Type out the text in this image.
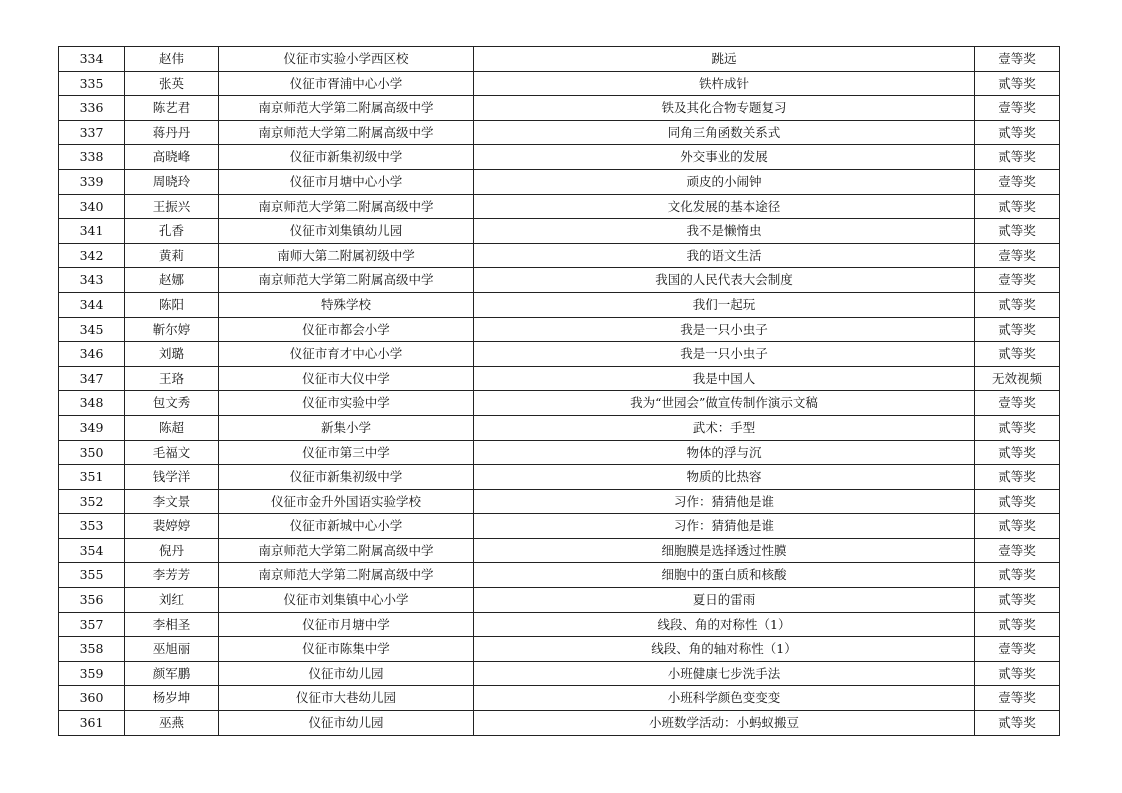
334	赵伟	仪征市实验小学西区校	跳远	壹等奖
335	张英	仪征市胥浦中心小学	铁杵成针	贰等奖
336	陈艺君	南京师范大学第二附属高级中学	铁及其化合物专题复习	壹等奖
337	蒋丹丹	南京师范大学第二附属高级中学	同角三角函数关系式	贰等奖
338	高晓峰	仪征市新集初级中学	外交事业的发展	贰等奖
339	周晓玲	仪征市月塘中心小学	顽皮的小闹钟	壹等奖
340	王振兴	南京师范大学第二附属高级中学	文化发展的基本途径	贰等奖
341	孔香	仪征市刘集镇幼儿园	我不是懒惰虫	贰等奖
342	黄莉	南师大第二附属初级中学	我的语文生活	壹等奖
343	赵娜	南京师范大学第二附属高级中学	我国的人民代表大会制度	壹等奖
344	陈阳	特殊学校	我们一起玩	贰等奖
345	靳尔婷	仪征市都会小学	我是一只小虫子	贰等奖
346	刘璐	仪征市育才中心小学	我是一只小虫子	贰等奖
347	王珞	仪征市大仪中学	我是中国人	无效视频
348	包文秀	仪征市实验中学	我为“世园会”做宣传制作演示文稿	壹等奖
349	陈超	新集小学	武术：手型	贰等奖
350	毛福文	仪征市第三中学	物体的浮与沉	贰等奖
351	钱学洋	仪征市新集初级中学	物质的比热容	贰等奖
352	李文景	仪征市金升外国语实验学校	习作：猜猜他是谁	贰等奖
353	裴婷婷	仪征市新城中心小学	习作：猜猜他是谁	贰等奖
354	倪丹	南京师范大学第二附属高级中学	细胞膜是选择透过性膜	壹等奖
355	李芳芳	南京师范大学第二附属高级中学	细胞中的蛋白质和核酸	贰等奖
356	刘红	仪征市刘集镇中心小学	夏日的雷雨	贰等奖
357	李相圣	仪征市月塘中学	线段、角的对称性（1）	贰等奖
358	巫旭丽	仪征市陈集中学	线段、角的轴对称性（1）	壹等奖
359	颜军鹏	仪征市幼儿园	小班健康七步洗手法	贰等奖
360	杨岁坤	仪征市大巷幼儿园	小班科学颜色变变变	壹等奖
361	巫燕	仪征市幼儿园	小班数学活动：小蚂蚁搬豆	贰等奖
